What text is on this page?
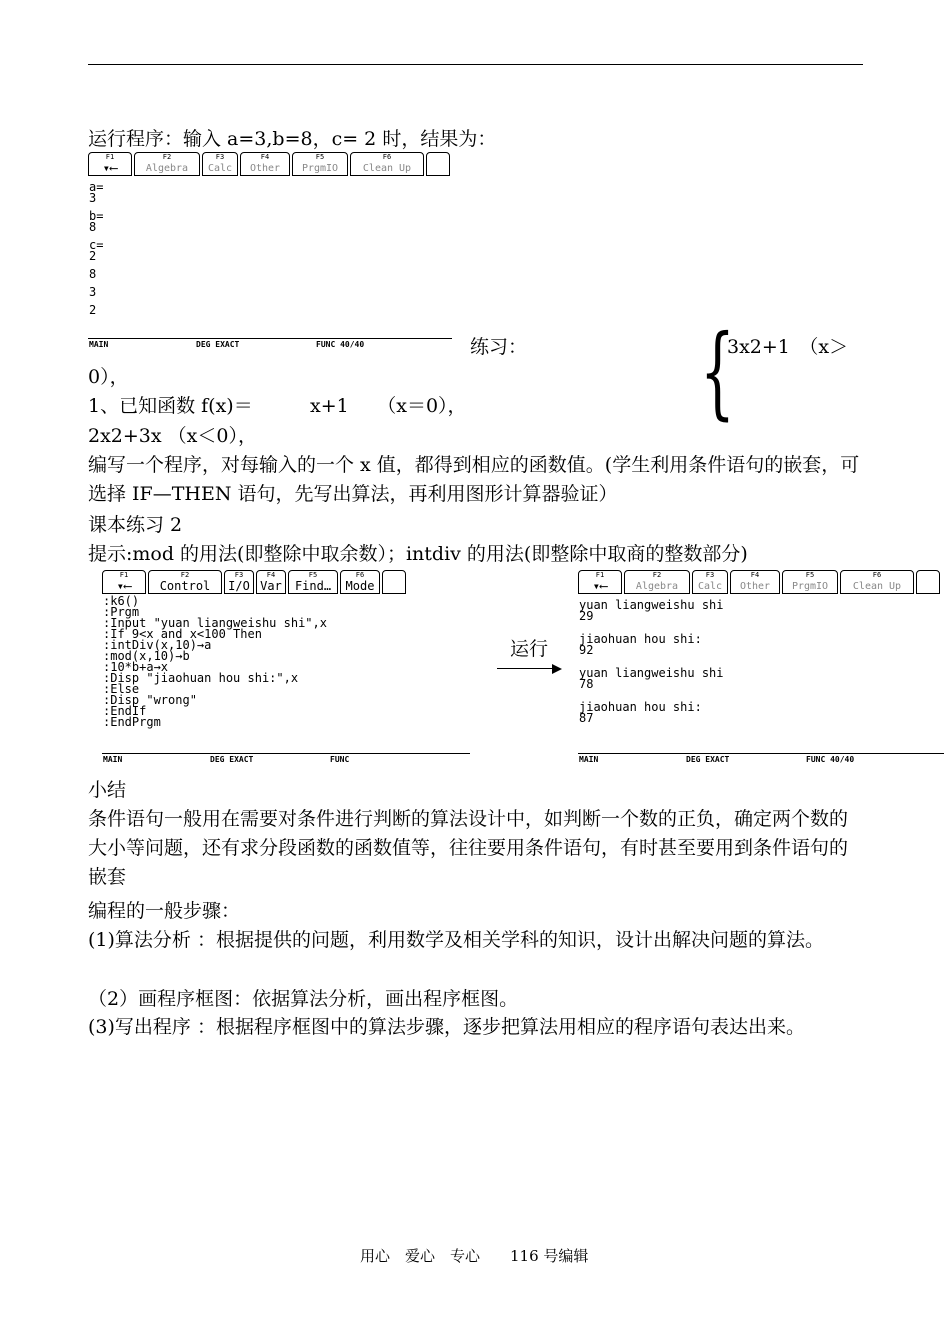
运行程序：输入 a=3,b=8，c= 2 时，结果为：
F1
▾⟵
F2
Algebra
F3
Calc
F4
Other
F5
PrgmIO
F6
Clean Up
a=
3
b=
8
c=
2
8
3
2
MAIN	DEG EXACT	FUNC 40/40	练习： {
3x2+1　（x＞
0），
1、已知函数 f(x)＝	x+1　　（x＝0），
2x2+3x （x＜0），
编写一个程序，对每输入的一个 x 值，都得到相应的函数值。(学生利用条件语句的嵌套，可选择 IF—THEN 语句，先写出算法，再利用图形计算器验证）
课本练习 2
提示:mod 的用法(即整除中取余数）；intdiv 的用法(即整除中取商的整数部分)
F1
▾⟵
F2
Control
F3
I/O
F4
Var
F5
Find…
F6
Mode
:k6()
:Prgm
:Input "yuan liangweishu shi",x
:If 9<x and x<100 Then
:intDiv(x,10)→a
:mod(x,10)→b
:10*b+a→x
:Disp "jiaohuan hou shi:",x
:Else
:Disp "wrong"
:EndIf
:EndPrgm
MAIN	DEG EXACT	FUNC
运行
F1
▾⟵
F2
Algebra
F3
Calc
F4
Other
F5
PrgmIO
F6
Clean Up
yuan liangweishu shi
29
jiaohuan hou shi:
92
yuan liangweishu shi
78
jiaohuan hou shi:
87
MAIN	DEG EXACT	FUNC 40/40
小结
条件语句一般用在需要对条件进行判断的算法设计中，如判断一个数的正负，确定两个数的大小等问题，还有求分段函数的函数值等，往往要用条件语句，有时甚至要用到条件语句的嵌套
编程的一般步骤：
(1)算法分析 ：根据提供的问题，利用数学及相关学科的知识，设计出解决问题的算法。
（2）画程序框图：依据算法分析，画出程序框图。
(3)写出程序 ：根据程序框图中的算法步骤，逐步把算法用相应的程序语句表达出来。
用心　爱心　专心　　116 号编辑
